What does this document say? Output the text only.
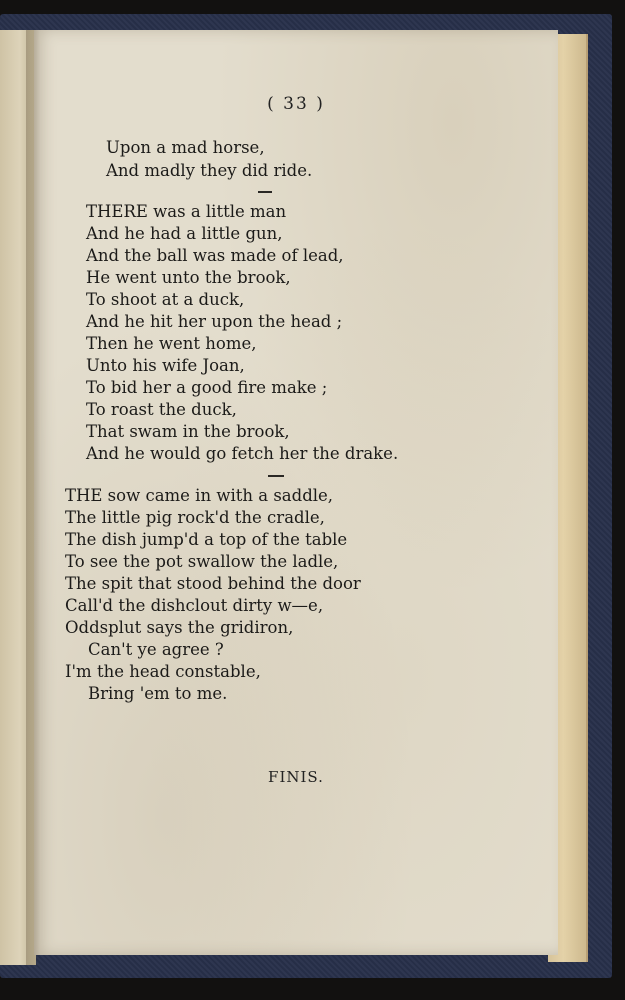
( 33 )
Upon a mad horse,
And madly they did ride.
THERE was a little man
And he had a little gun,
And the ball was made of lead,
He went unto the brook,
To shoot at a duck,
And he hit her upon the head ;
Then he went home,
Unto his wife Joan,
To bid her a good fire make ;
To roast the duck,
That swam in the brook,
And he would go fetch her the drake.
THE sow came in with a saddle,
The little pig rock'd the cradle,
The dish jump'd a top of the table
To see the pot swallow the ladle,
The spit that stood behind the door
Call'd the dishclout dirty w—e,
Oddsplut says the gridiron,
Can't ye agree ?
I'm the head constable,
Bring 'em to me.
FINIS.
